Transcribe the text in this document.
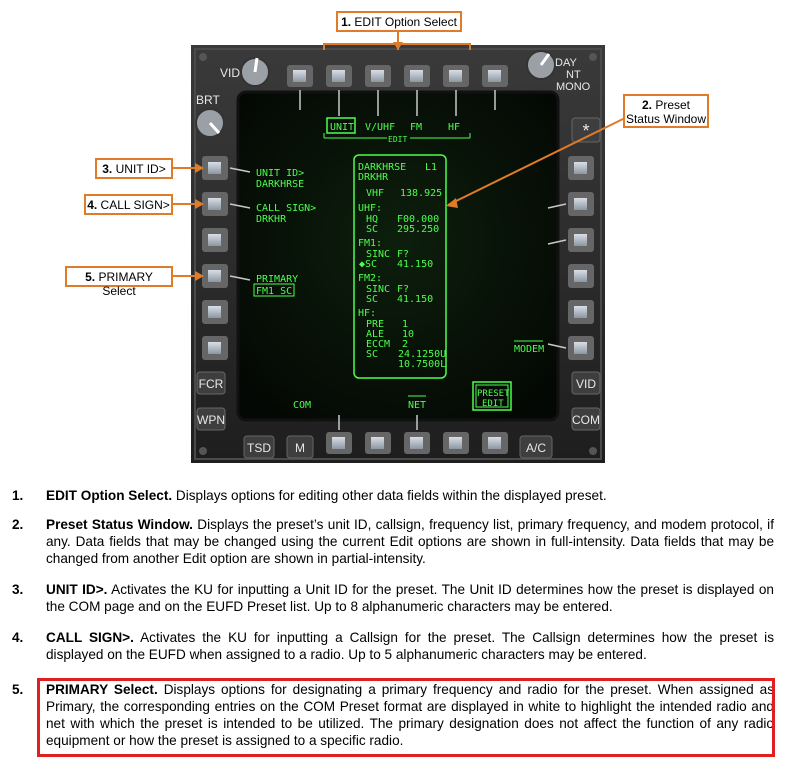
FCR
WPN
VID
COM
TSD M	A/C
*
VID
BRT
DAY
NT
MONO
UNIT V/UHF FM	HF
EDIT
UNIT ID>
DARKHRSE
CALL SIGN>
DRKHR
PRIMARY
FM1 SC
COM	NET
PRESET
EDIT
MODEM
DARKHRSE L1
DRKHR
VHF 138.925
UHF:
HQ F00.000
SC 295.250
FM1:
SINC F?
◆SC 41.150
FM2:
SINC F?
SC 41.150
HF:
PRE 1
ALE 10
ECCM 2
SC 24.1250U
10.7500L
1. EDIT Option Select
2. Preset
Status Window
3. UNIT ID>
4. CALL SIGN>
5. PRIMARY Select
1. EDIT Option Select. Displays options for editing other data fields within the displayed preset.
2. Preset Status Window. Displays the preset’s unit ID, callsign, frequency list, primary frequency, and modem protocol, if any. Data fields that may be changed using the current Edit options are shown in full-intensity. Data fields that may be changed from another Edit option are shown in partial-intensity.
3. UNIT ID>. Activates the KU for inputting a Unit ID for the preset. The Unit ID determines how the preset is displayed on the COM page and on the EUFD Preset list. Up to 8 alphanumeric characters may be entered.
4. CALL SIGN>. Activates the KU for inputting a Callsign for the preset. The Callsign determines how the preset is displayed on the EUFD when assigned to a radio. Up to 5 alphanumeric characters may be entered.
5. PRIMARY Select. Displays options for designating a primary frequency and radio for the preset. When assigned as Primary, the corresponding entries on the COM Preset format are displayed in white to highlight the intended radio and net with which the preset is intended to be utilized. The primary designation does not affect the function of any radio equipment or how the preset is assigned to a specific radio.
